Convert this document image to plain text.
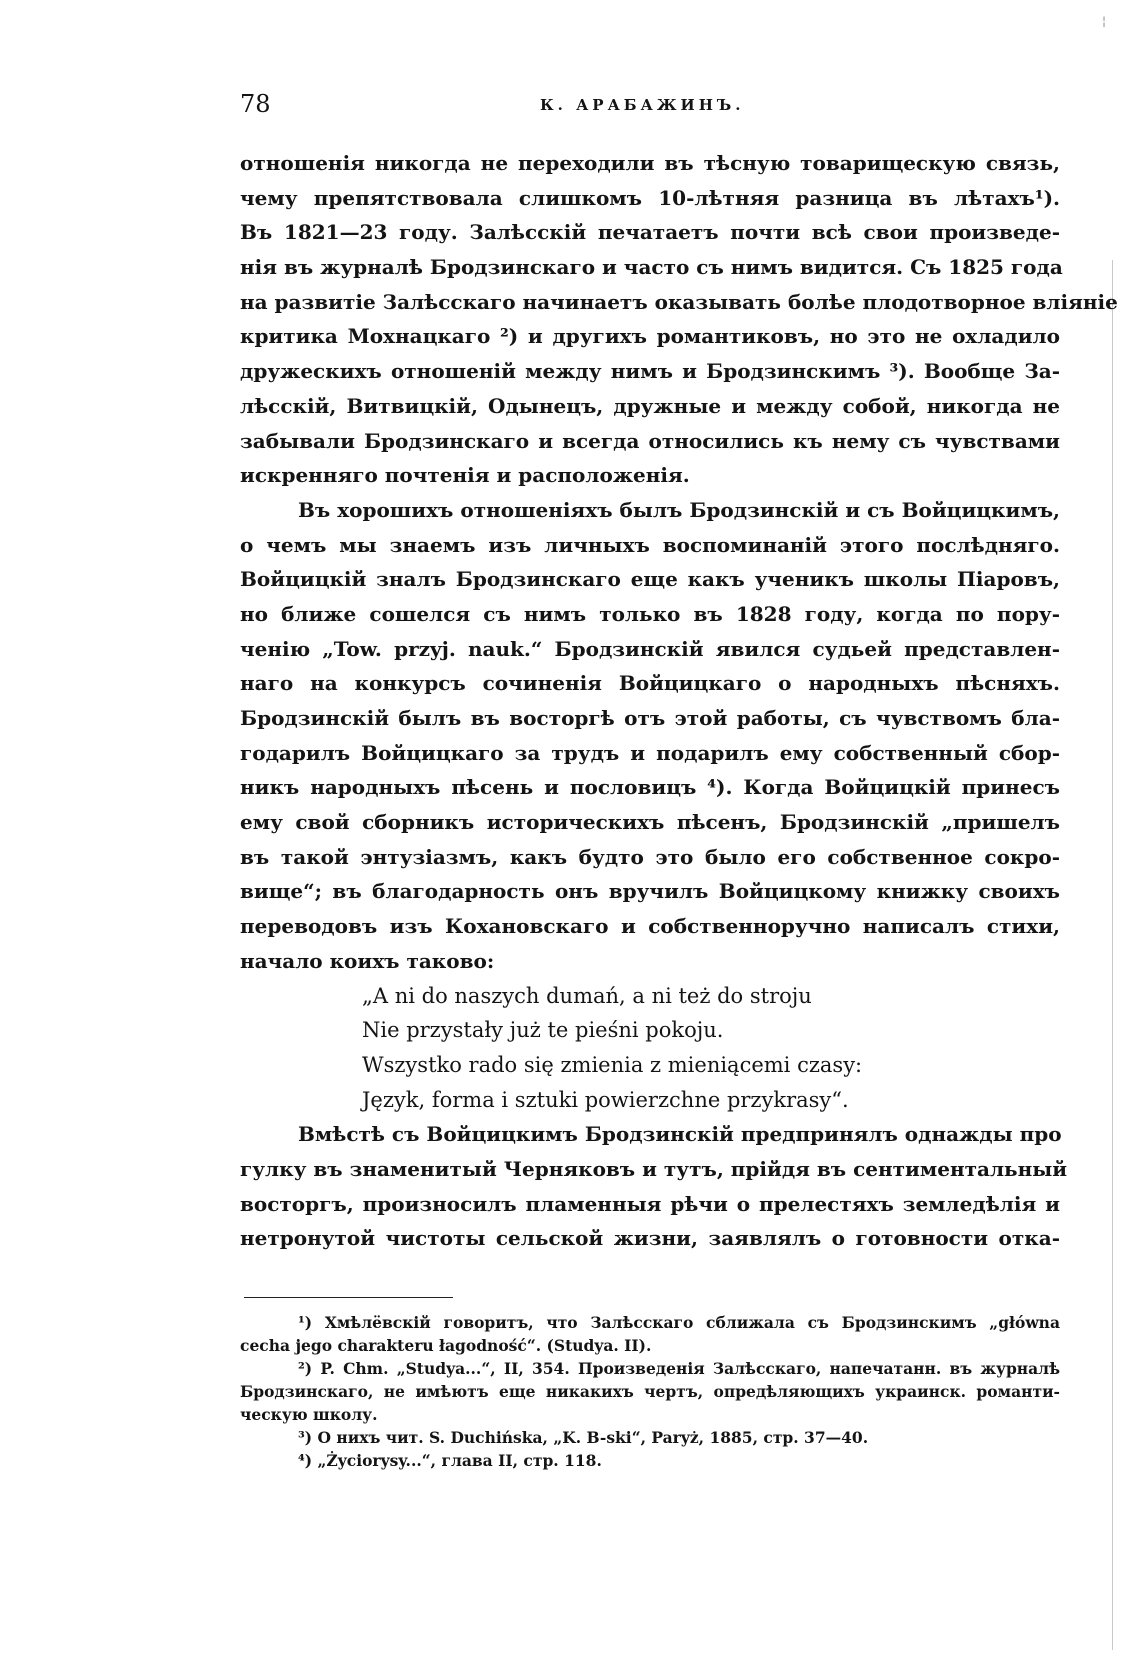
¦
78	К. АРАБАЖИНЪ.
отношенія никогда не переходили въ тѣсную товарищескую связь,
чему препятствовала слишкомъ 10-лѣтняя разница въ лѣтахъ¹).
Въ 1821—23 году. Залѣсскій печатаетъ почти всѣ свои произведе-
нія въ журналѣ Бродзинскаго и часто съ нимъ видится. Съ 1825 года
на развитіе Залѣсскаго начинаетъ оказывать болѣе плодотворное вліяніе
критика Мохнацкаго ²) и другихъ романтиковъ, но это не охладило
дружескихъ отношеній между нимъ и Бродзинскимъ ³). Вообще За-
лѣсскій, Витвицкій, Одынецъ, дружные и между собой, никогда не
забывали Бродзинскаго и всегда относились къ нему съ чувствами
искренняго почтенія и расположенія.
Въ хорошихъ отношеніяхъ былъ Бродзинскій и съ Войцицкимъ,
о чемъ мы знаемъ изъ личныхъ воспоминаній этого послѣдняго.
Войцицкій зналъ Бродзинскаго еще какъ ученикъ школы Піаровъ,
но ближе сошелся съ нимъ только въ 1828 году, когда по пору-
ченію „Tow. przyj. nauk.“ Бродзинскій явился судьей представлен-
наго на конкурсъ сочиненія Войцицкаго о народныхъ пѣсняхъ.
Бродзинскій былъ въ восторгѣ отъ этой работы, съ чувствомъ бла-
годарилъ Войцицкаго за трудъ и подарилъ ему собственный сбор-
никъ народныхъ пѣсень и пословицъ ⁴). Когда Войцицкій принесъ
ему свой сборникъ историческихъ пѣсенъ, Бродзинскій „пришелъ
въ такой энтузіазмъ, какъ будто это было его собственное сокро-
вище“; въ благодарность онъ вручилъ Войцицкому книжку своихъ
переводовъ изъ Кохановскаго и собственноручно написалъ стихи,
начало коихъ таково:
„A ni do naszych dumań, a ni też do stroju
Nie przystały już te pieśni pokoju.
Wszystko rado się zmienia z mieniącemi czasy:
Język, forma i sztuki powierzchne przykrasy“.
Вмѣстѣ съ Войцицкимъ Бродзинскій предпринялъ однажды про
гулку въ знаменитый Черняковъ и тутъ, прійдя въ сентиментальный
восторгъ, произносилъ пламенныя рѣчи о прелестяхъ земледѣлія и
нетронутой чистоты сельской жизни, заявлялъ о готовности отка-
¹) Хмѣлёвскій говоритъ, что Залѣсскаго сближала съ Бродзинскимъ „główna
cecha jego charakteru łagodność“. (Studya. II).
²) P. Chm. „Studya...“, II, 354. Произведенія Залѣсскаго, напечатанн. въ журналѣ
Бродзинскаго, не имѣютъ еще никакихъ чертъ, опредѣляющихъ украинск. романти-
ческую школу.
³) О нихъ чит. S. Duchińska, „K. B-ski“, Paryż, 1885, стр. 37—40.
⁴) „Życiorysy...“, глава II, стр. 118.
